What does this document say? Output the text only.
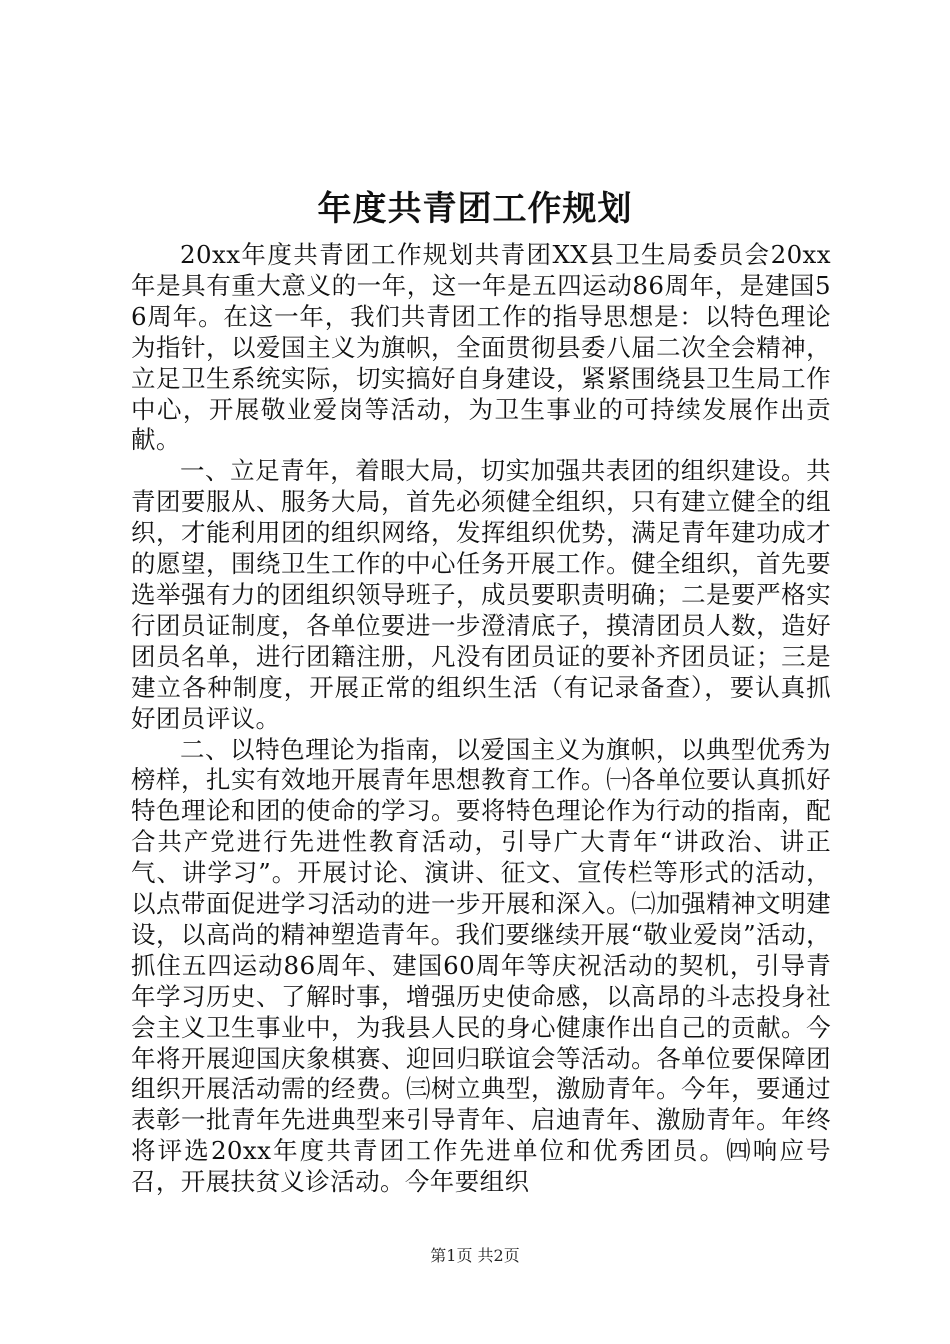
年度共青团工作规划

20xx年度共青团工作规划共青团XX县卫生局委员会20xx年是具有重大意义的一年，这一年是五四运动86周年，是建国56周年。在这一年，我们共青团工作的指导思想是：以特色理论为指针，以爱国主义为旗帜，全面贯彻县委八届二次全会精神，立足卫生系统实际，切实搞好自身建设，紧紧围绕县卫生局工作中心，开展敬业爱岗等活动，为卫生事业的可持续发展作出贡献。

一、立足青年，着眼大局，切实加强共表团的组织建设。共青团要服从、服务大局，首先必须健全组织，只有建立健全的组织，才能利用团的组织网络，发挥组织优势，满足青年建功成才的愿望，围绕卫生工作的中心任务开展工作。健全组织，首先要选举强有力的团组织领导班子，成员要职责明确；二是要严格实行团员证制度，各单位要进一步澄清底子，摸清团员人数，造好团员名单，进行团籍注册，凡没有团员证的要补齐团员证；三是建立各种制度，开展正常的组织生活（有记录备查），要认真抓好团员评议。

二、以特色理论为指南，以爱国主义为旗帜，以典型优秀为榜样，扎实有效地开展青年思想教育工作。㈠各单位要认真抓好特色理论和团的使命的学习。要将特色理论作为行动的指南，配合共产党进行先进性教育活动，引导广大青年“讲政治、讲正气、讲学习”。开展讨论、演讲、征文、宣传栏等形式的活动，以点带面促进学习活动的进一步开展和深入。㈡加强精神文明建设，以高尚的精神塑造青年。我们要继续开展“敬业爱岗”活动，抓住五四运动86周年、建国60周年等庆祝活动的契机，引导青年学习历史、了解时事，增强历史使命感，以高昂的斗志投身社会主义卫生事业中，为我县人民的身心健康作出自己的贡献。今年将开展迎国庆象棋赛、迎回归联谊会等活动。各单位要保障团组织开展活动需的经费。㈢树立典型，激励青年。今年，要通过表彰一批青年先进典型来引导青年、启迪青年、激励青年。年终将评选20xx年度共青团工作先进单位和优秀团员。㈣响应号召，开展扶贫义诊活动。今年要组织

第1页 共2页
